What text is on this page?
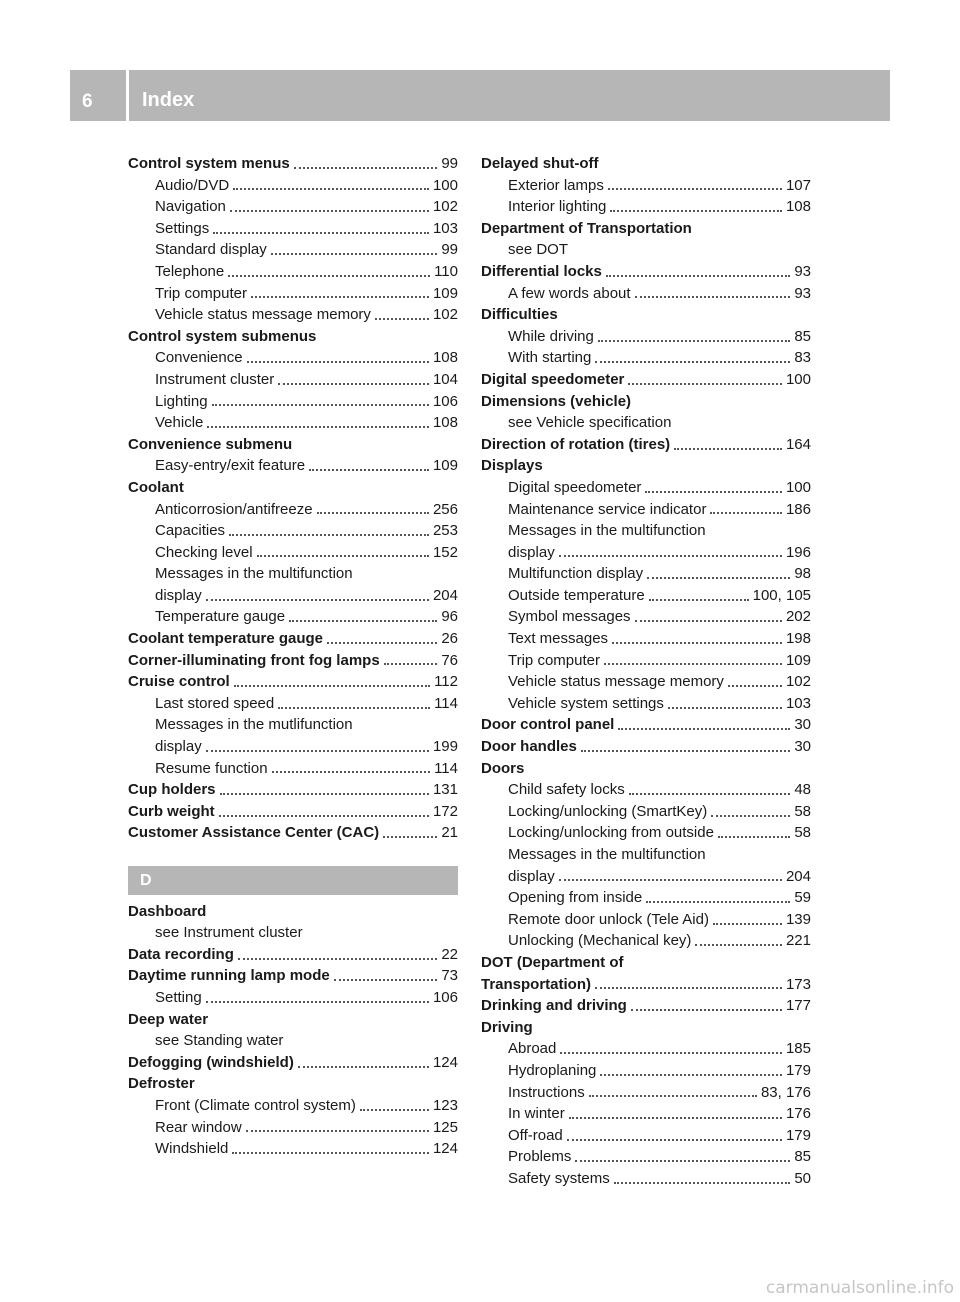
6	Index
Control system menus	99
Audio/DVD	100
Navigation	102
Settings	103
Standard display	99
Telephone	110
Trip computer	109
Vehicle status message memory	102
Control system submenus
Convenience	108
Instrument cluster	104
Lighting	106
Vehicle	108
Convenience submenu
Easy-entry/exit feature	109
Coolant
Anticorrosion/antifreeze	256
Capacities	253
Checking level	152
Messages in the multifunction
display	204
Temperature gauge	96
Coolant temperature gauge	26
Corner-illuminating front fog lamps	76
Cruise control	112
Last stored speed	114
Messages in the mutlifunction
display	199
Resume function	114
Cup holders	131
Curb weight	172
Customer Assistance Center (CAC)	21
D
Dashboard
see Instrument cluster
Data recording	22
Daytime running lamp mode	73
Setting	106
Deep water
see Standing water
Defogging (windshield)	124
Defroster
Front (Climate control system)	123
Rear window	125
Windshield	124
Delayed shut-off
Exterior lamps	107
Interior lighting	108
Department of Transportation
see DOT
Differential locks	93
A few words about	93
Difficulties
While driving	85
With starting	83
Digital speedometer	100
Dimensions (vehicle)
see Vehicle specification
Direction of rotation (tires)	164
Displays
Digital speedometer	100
Maintenance service indicator	186
Messages in the multifunction
display	196
Multifunction display	98
Outside temperature	100, 105
Symbol messages	202
Text messages	198
Trip computer	109
Vehicle status message memory	102
Vehicle system settings	103
Door control panel	30
Door handles	30
Doors
Child safety locks	48
Locking/unlocking (SmartKey)	58
Locking/unlocking from outside	58
Messages in the multifunction
display	204
Opening from inside	59
Remote door unlock (Tele Aid)	139
Unlocking (Mechanical key)	221
DOT (Department of
Transportation)	173
Drinking and driving	177
Driving
Abroad	185
Hydroplaning	179
Instructions	83, 176
In winter	176
Off-road	179
Problems	85
Safety systems	50
carmanualsonline.info
